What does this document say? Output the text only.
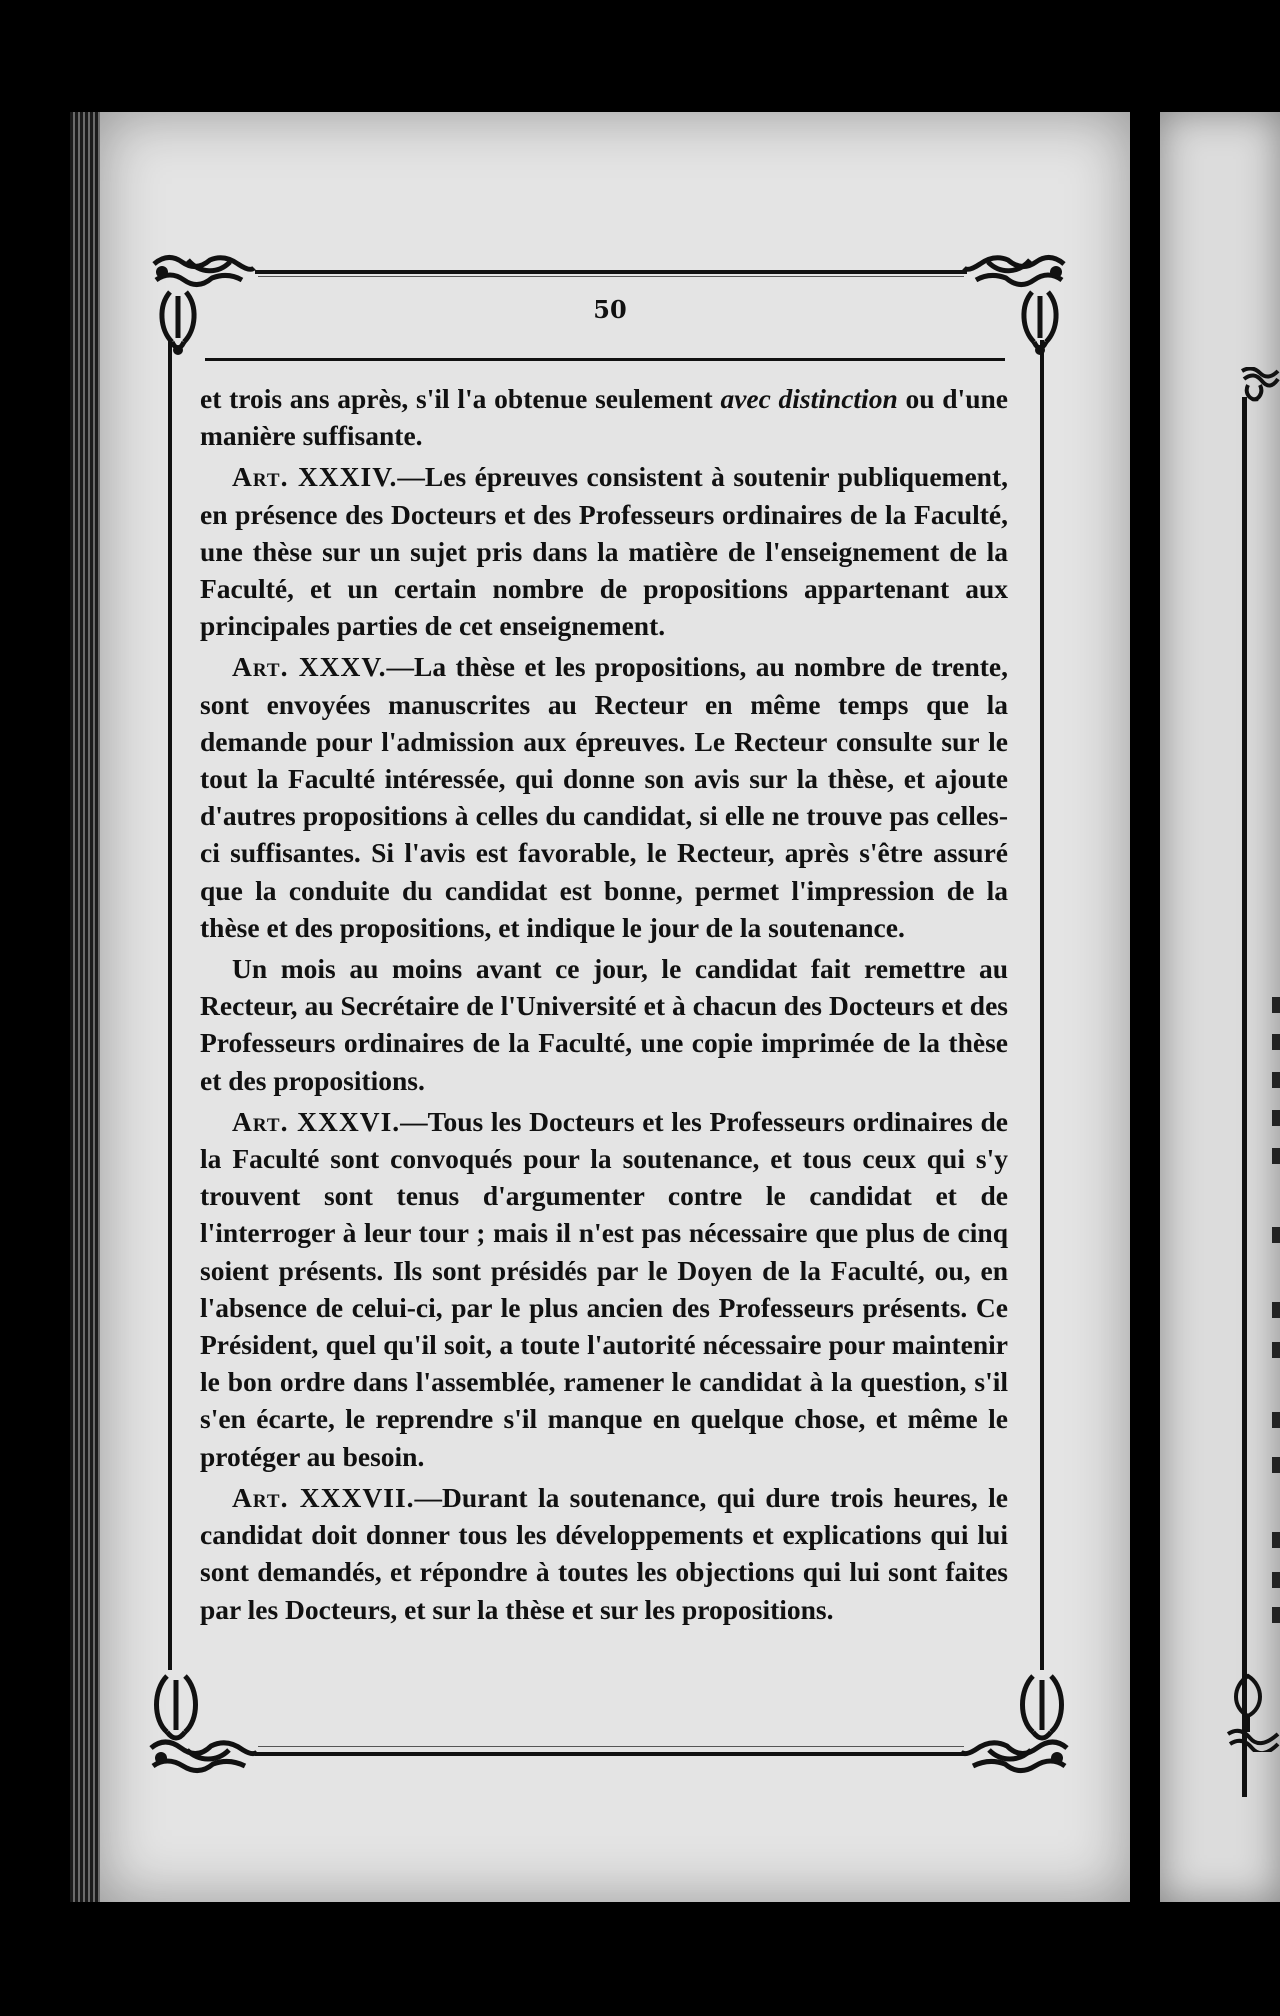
50

et trois ans après, s'il l'a obtenue seulement avec distinction ou d'une manière suffisante.

Art. XXXIV.—Les épreuves consistent à soutenir publiquement, en présence des Docteurs et des Professeurs ordinaires de la Faculté, une thèse sur un sujet pris dans la matière de l'enseignement de la Faculté, et un certain nombre de propositions appartenant aux principales parties de cet enseignement.

Art. XXXV.—La thèse et les propositions, au nombre de trente, sont envoyées manuscrites au Recteur en même temps que la demande pour l'admission aux épreuves. Le Recteur consulte sur le tout la Faculté intéressée, qui donne son avis sur la thèse, et ajoute d'autres propositions à celles du candidat, si elle ne trouve pas celles-ci suffisantes. Si l'avis est favorable, le Recteur, après s'être assuré que la conduite du candidat est bonne, permet l'impression de la thèse et des propositions, et indique le jour de la soutenance.

Un mois au moins avant ce jour, le candidat fait remettre au Recteur, au Secrétaire de l'Université et à chacun des Docteurs et des Professeurs ordinaires de la Faculté, une copie imprimée de la thèse et des propositions.

Art. XXXVI.—Tous les Docteurs et les Professeurs ordinaires de la Faculté sont convoqués pour la soutenance, et tous ceux qui s'y trouvent sont tenus d'argumenter contre le candidat et de l'interroger à leur tour ; mais il n'est pas nécessaire que plus de cinq soient présents. Ils sont présidés par le Doyen de la Faculté, ou, en l'absence de celui-ci, par le plus ancien des Professeurs présents. Ce Président, quel qu'il soit, a toute l'autorité nécessaire pour maintenir le bon ordre dans l'assemblée, ramener le candidat à la question, s'il s'en écarte, le reprendre s'il manque en quelque chose, et même le protéger au besoin.

Art. XXXVII.—Durant la soutenance, qui dure trois heures, le candidat doit donner tous les développements et explications qui lui sont demandés, et répondre à toutes les objections qui lui sont faites par les Docteurs, et sur la thèse et sur les propositions.
